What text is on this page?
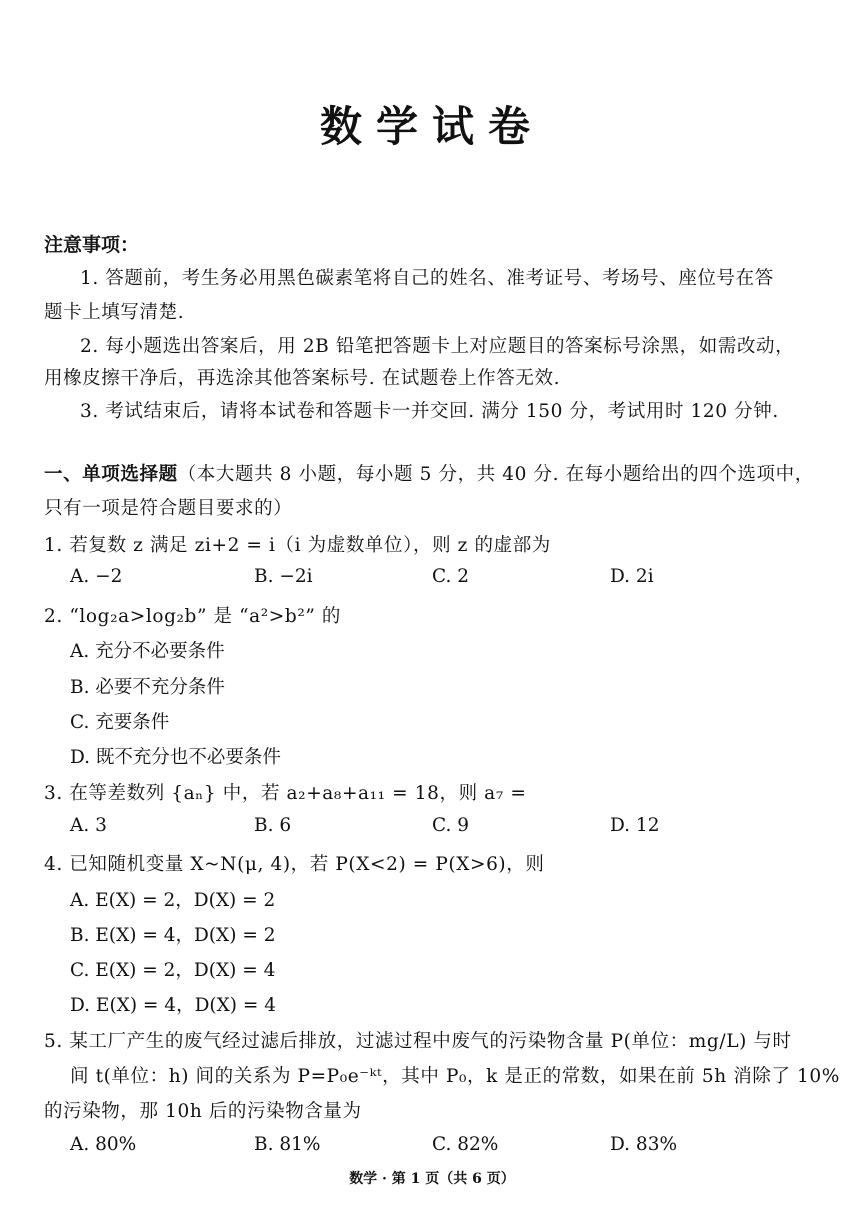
数学试卷
注意事项：
1. 答题前，考生务必用黑色碳素笔将自己的姓名、准考证号、考场号、座位号在答
题卡上填写清楚.
2. 每小题选出答案后，用 2B 铅笔把答题卡上对应题目的答案标号涂黑，如需改动，
用橡皮擦干净后，再选涂其他答案标号. 在试题卷上作答无效.
3. 考试结束后，请将本试卷和答题卡一并交回. 满分 150 分，考试用时 120 分钟.
一、单项选择题（本大题共 8 小题，每小题 5 分，共 40 分. 在每小题给出的四个选项中，
只有一项是符合题目要求的）
1. 若复数 z 满足 zi+2 = i（i 为虚数单位），则 z 的虚部为
A. −2	B. −2i	C. 2	D. 2i
2. “log₂a>log₂b” 是 “a²>b²” 的
A. 充分不必要条件
B. 必要不充分条件
C. 充要条件
D. 既不充分也不必要条件
3. 在等差数列 {aₙ} 中，若 a₂+a₈+a₁₁ = 18，则 a₇ =
A. 3	B. 6	C. 9	D. 12
4. 已知随机变量 X~N(μ, 4)，若 P(X<2) = P(X>6)，则
A. E(X) = 2，D(X) = 2
B. E(X) = 4，D(X) = 2
C. E(X) = 2，D(X) = 4
D. E(X) = 4，D(X) = 4
5. 某工厂产生的废气经过滤后排放，过滤过程中废气的污染物含量 P(单位：mg/L) 与时
间 t(单位：h) 间的关系为 P=P₀e⁻ᵏᵗ，其中 P₀，k 是正的常数，如果在前 5h 消除了 10%
的污染物，那 10h 后的污染物含量为
A. 80%	B. 81%	C. 82%	D. 83%
数学 · 第 1 页（共 6 页）
